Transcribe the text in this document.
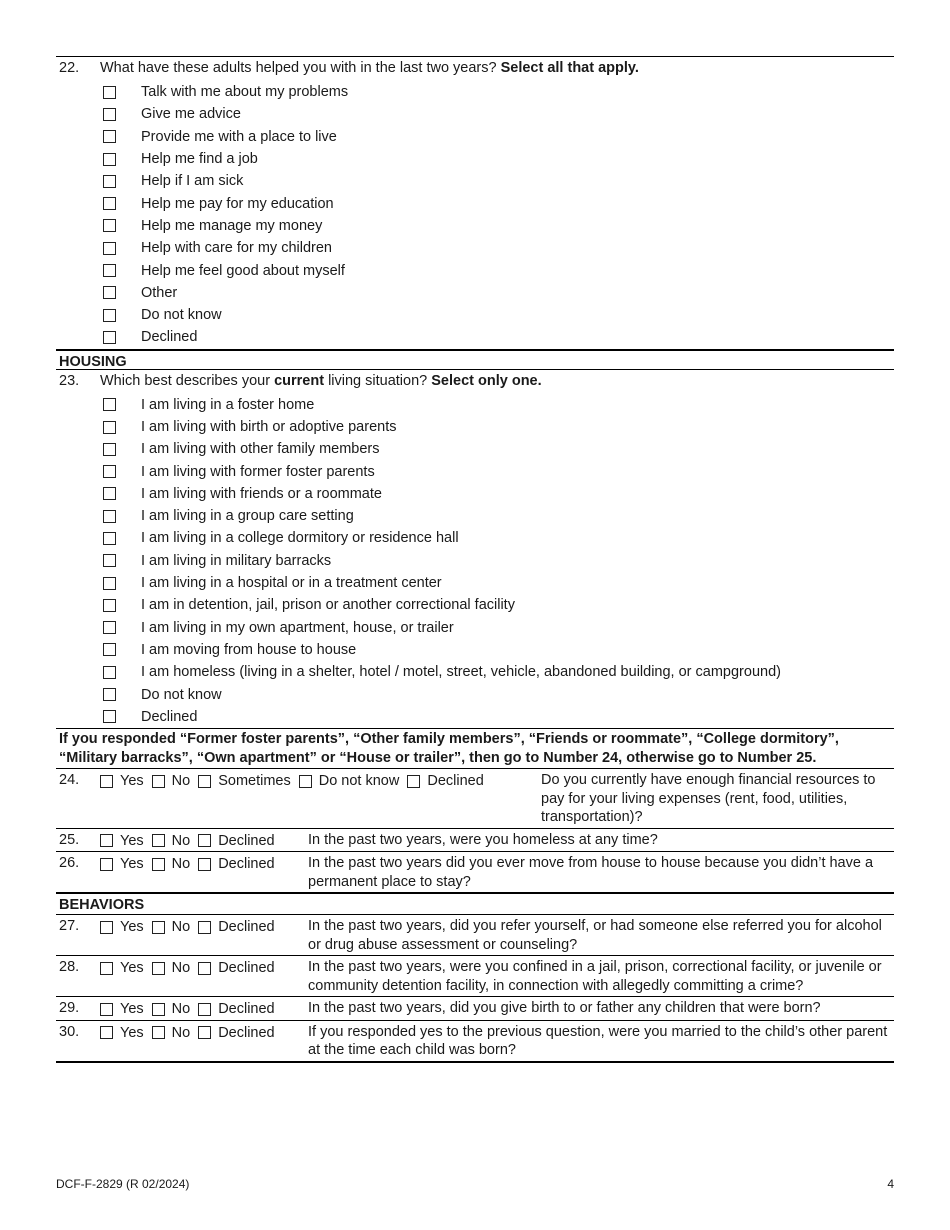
22. What have these adults helped you with in the last two years? Select all that apply.
Talk with me about my problems
Give me advice
Provide me with a place to live
Help me find a job
Help if I am sick
Help me pay for my education
Help me manage my money
Help with care for my children
Help me feel good about myself
Other
Do not know
Declined
HOUSING
23. Which best describes your current living situation? Select only one.
I am living in a foster home
I am living with birth or adoptive parents
I am living with other family members
I am living with former foster parents
I am living with friends or a roommate
I am living in a group care setting
I am living in a college dormitory or residence hall
I am living in military barracks
I am living in a hospital or in a treatment center
I am in detention, jail, prison or another correctional facility
I am living in my own apartment, house, or trailer
I am moving from house to house
I am homeless (living in a shelter, hotel / motel, street, vehicle, abandoned building, or campground)
Do not know
Declined
If you responded “Former foster parents”, “Other family members”, “Friends or roommate”, “College dormitory”, “Military barracks”, “Own apartment” or “House or trailer”, then go to Number 24, otherwise go to Number 25.
24.	Yes No Sometimes Do not know Declined	Do you currently have enough financial resources to pay for your living expenses (rent, food, utilities, transportation)?
25.	Yes No Declined In the past two years, were you homeless at any time?
26.	Yes No Declined In the past two years did you ever move from house to house because you didn’t have a permanent place to stay?
BEHAVIORS
27.	Yes No Declined In the past two years, did you refer yourself, or had someone else referred you for alcohol or drug abuse assessment or counseling?
28.	Yes No Declined In the past two years, were you confined in a jail, prison, correctional facility, or juvenile or community detention facility, in connection with allegedly committing a crime?
29.	Yes No Declined In the past two years, did you give birth to or father any children that were born?
30.	Yes No Declined If you responded yes to the previous question, were you married to the child’s other parent at the time each child was born?
DCF-F-2829 (R 02/2024)	4
